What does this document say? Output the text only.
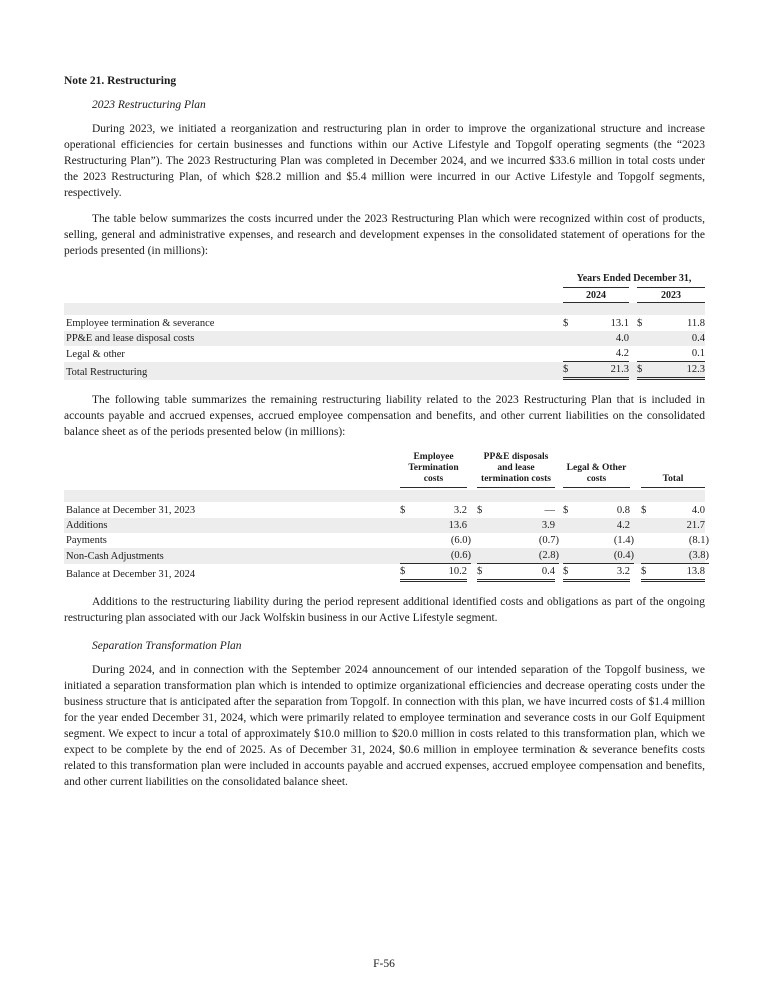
Note 21. Restructuring
2023 Restructuring Plan

During 2023, we initiated a reorganization and restructuring plan in order to improve the organizational structure and increase operational efficiencies for certain businesses and functions within our Active Lifestyle and Topgolf operating segments (the “2023 Restructuring Plan”). The 2023 Restructuring Plan was completed in December 2024, and we incurred $33.6 million in total costs under the 2023 Restructuring Plan, of which $28.2 million and $5.4 million were incurred in our Active Lifestyle and Topgolf segments, respectively.

The table below summarizes the costs incurred under the 2023 Restructuring Plan which were recognized within cost of products, selling, general and administrative expenses, and research and development expenses in the consolidated statement of operations for the periods presented (in millions):

Years Ended December 31,
2024	2023
Employee termination & severance	$	13.1 $	11.8
PP&E and lease disposal costs	4.0	0.4
Legal & other	4.2	0.1
Total Restructuring	$	21.3 $	12.3

The following table summarizes the remaining restructuring liability related to the 2023 Restructuring Plan that is included in accounts payable and accrued expenses, accrued employee compensation and benefits, and other current liabilities on the consolidated balance sheet as of the periods presented below (in millions):

Employee Termination costs
PP&E disposals and lease termination costs
Legal & Other costs	Total
Balance at December 31, 2023	$	3.2 $	— $	0.8 $	4.0
Additions	13.6	3.9	4.2	21.7
Payments	(6.0)	(0.7)	(1.4)	(8.1)
Non-Cash Adjustments	(0.6)	(2.8)	(0.4)	(3.8)
Balance at December 31, 2024	$	10.2 $	0.4 $	3.2 $	13.8

Additions to the restructuring liability during the period represent additional identified costs and obligations as part of the ongoing restructuring plan associated with our Jack Wolfskin business in our Active Lifestyle segment.

Separation Transformation Plan

During 2024, and in connection with the September 2024 announcement of our intended separation of the Topgolf business, we initiated a separation transformation plan which is intended to optimize organizational efficiencies and decrease operating costs under the business structure that is anticipated after the separation from Topgolf. In connection with this plan, we have incurred costs of $1.4 million for the year ended December 31, 2024, which were primarily related to employee termination and severance costs in our Golf Equipment segment. We expect to incur a total of approximately $10.0 million to $20.0 million in costs related to this transformation plan, which we expect to be complete by the end of 2025. As of December 31, 2024, $0.6 million in employee termination & severance benefits costs related to this transformation plan were included in accounts payable and accrued expenses, accrued employee compensation and benefits, and other current liabilities on the consolidated balance sheet.

F-56
